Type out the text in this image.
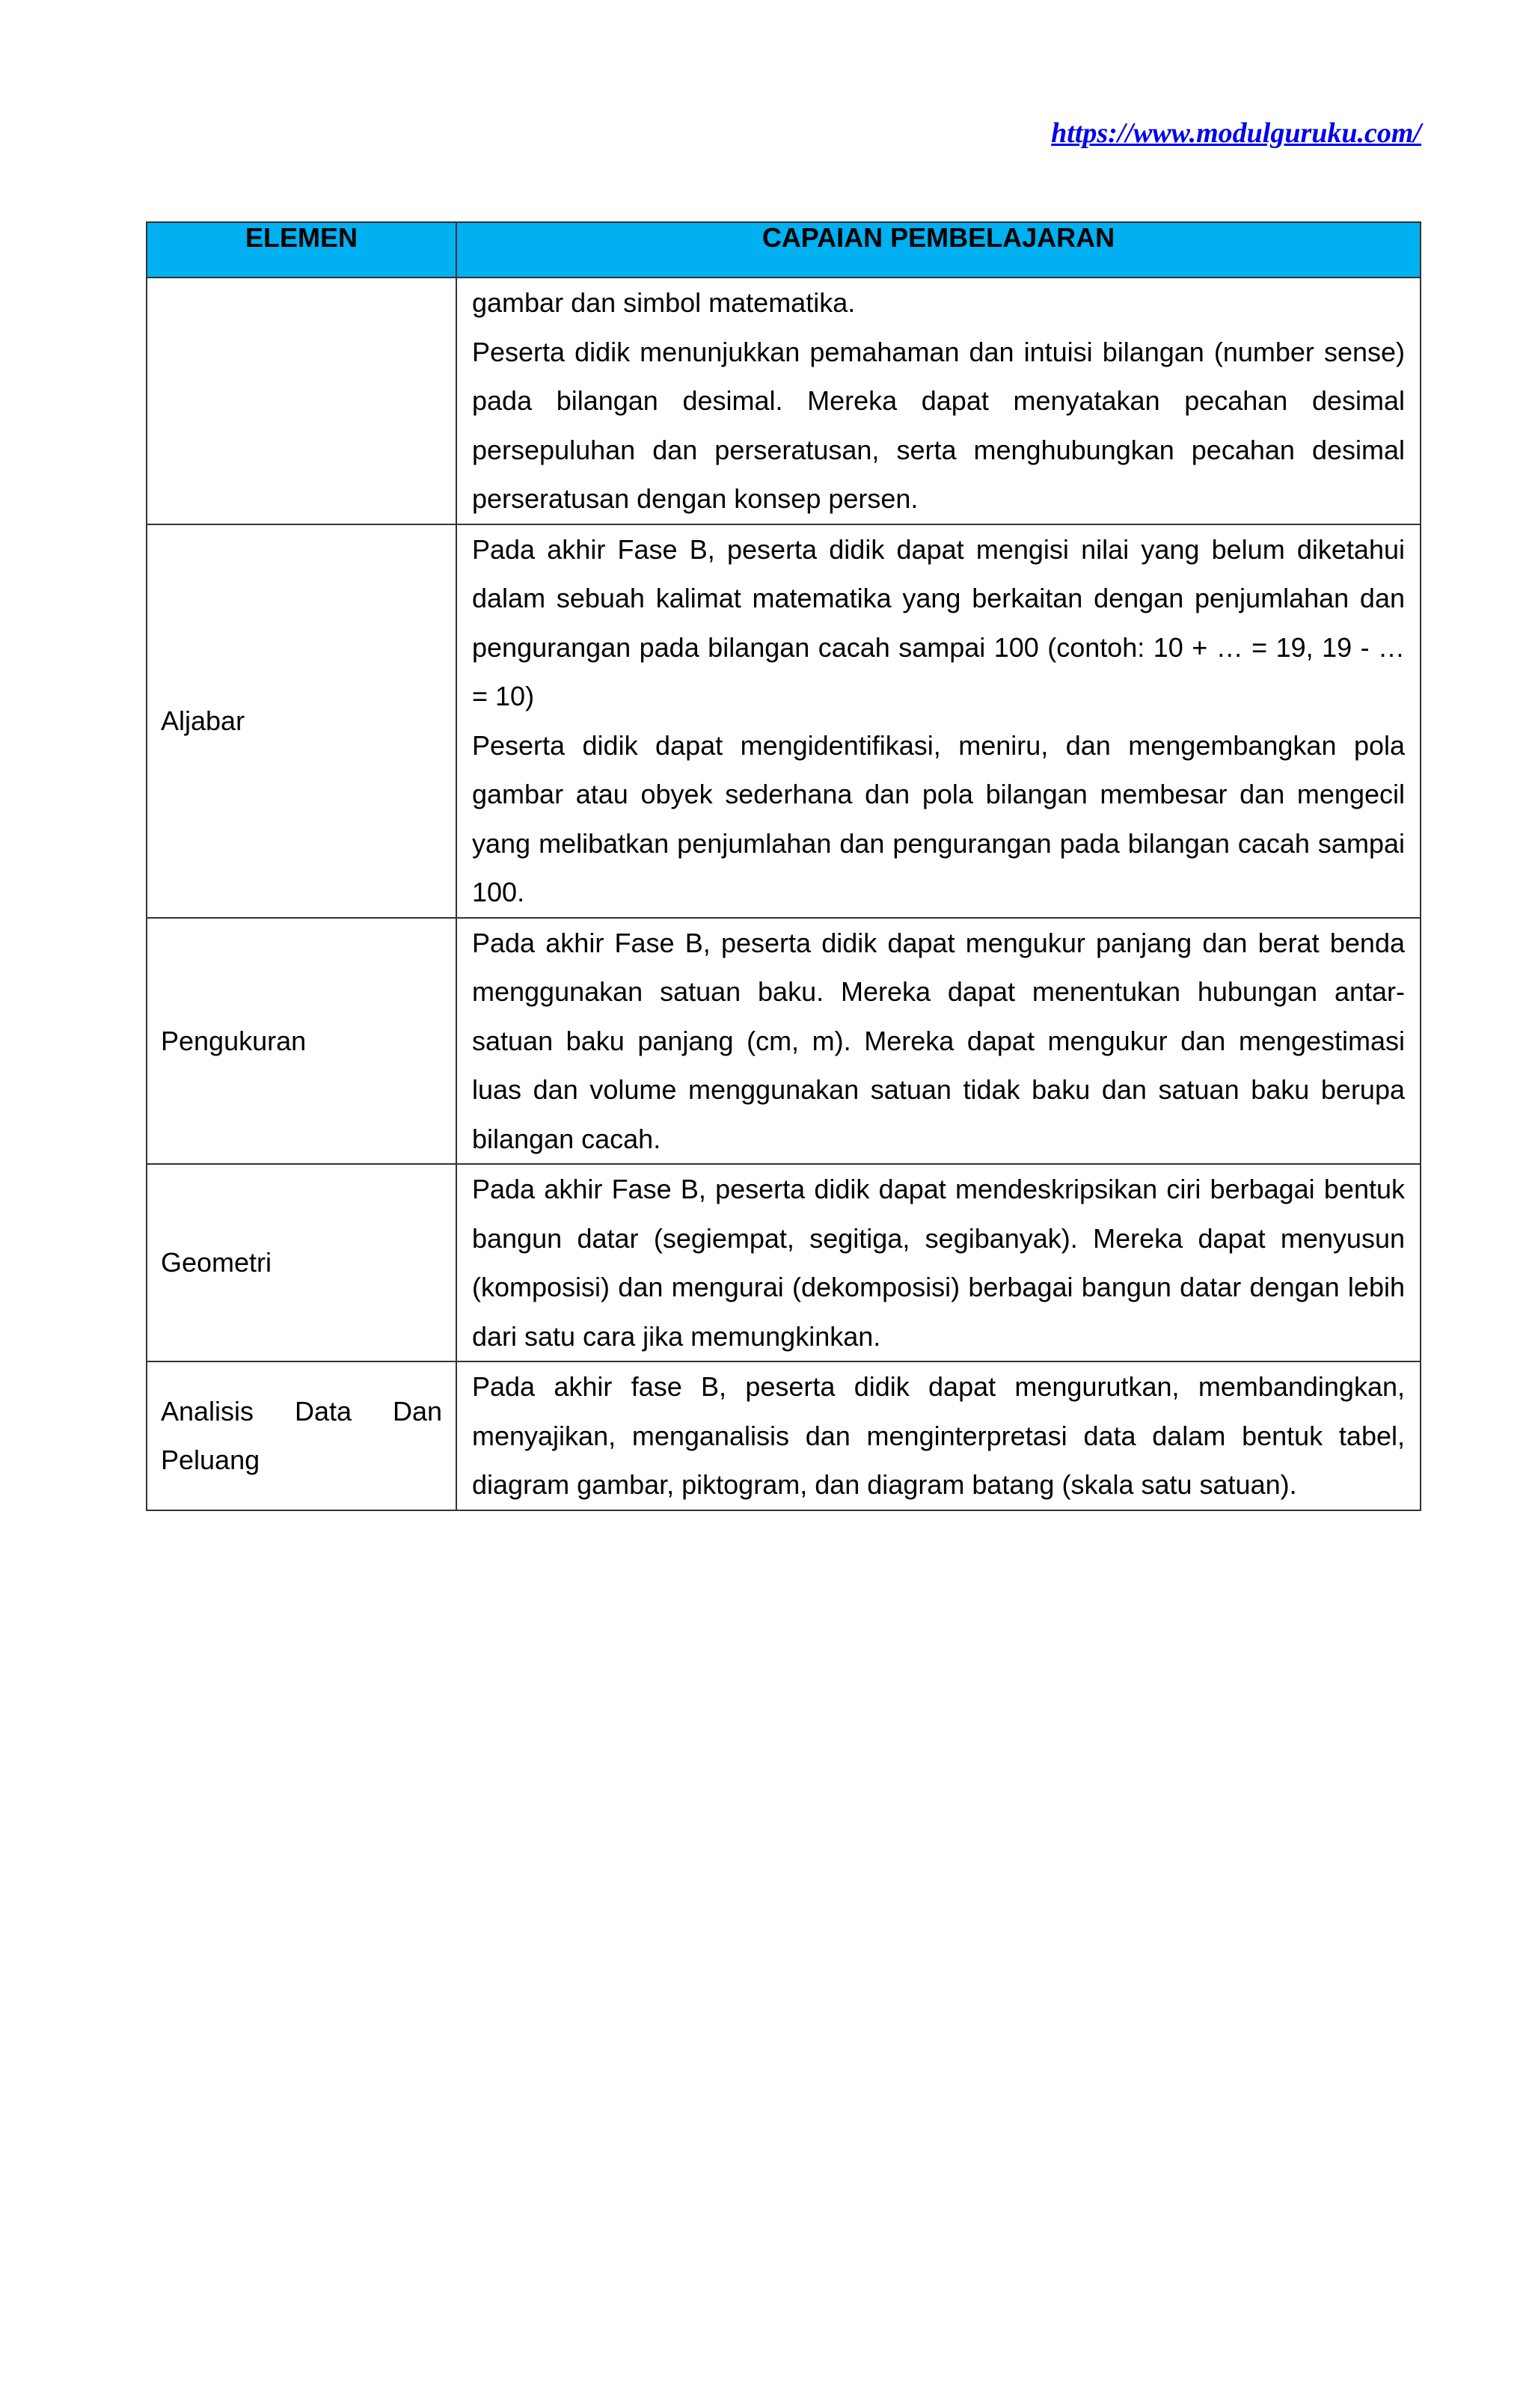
https://www.modulguruku.com/
ELEMEN	CAPAIAN PEMBELAJARAN

	gambar dan simbol matematika.

Peserta didik menunjukkan pemahaman dan intuisi bilangan (number sense) pada bilangan desimal. Mereka dapat menyatakan pecahan desimal persepuluhan dan perseratusan, serta menghubungkan pecahan desimal perseratusan dengan konsep persen.

Aljabar	Pada akhir Fase B, peserta didik dapat mengisi nilai yang belum diketahui dalam sebuah kalimat matematika yang berkaitan dengan penjumlahan dan pengurangan pada bilangan cacah sampai 100 (contoh: 10 + … = 19, 19 - … = 10)

Peserta didik dapat mengidentifikasi, meniru, dan mengembangkan pola gambar atau obyek sederhana dan pola bilangan membesar dan mengecil yang melibatkan penjumlahan dan pengurangan pada bilangan cacah sampai 100.

Pengukuran	Pada akhir Fase B, peserta didik dapat mengukur panjang dan berat benda menggunakan satuan baku. Mereka dapat menentukan hubungan antar-satuan baku panjang (cm, m). Mereka dapat mengukur dan mengestimasi luas dan volume menggunakan satuan tidak baku dan satuan baku berupa bilangan cacah.

Geometri	Pada akhir Fase B, peserta didik dapat mendeskripsikan ciri berbagai bentuk bangun datar (segiempat, segitiga, segibanyak). Mereka dapat menyusun (komposisi) dan mengurai (dekomposisi) berbagai bangun datar dengan lebih dari satu cara jika memungkinkan.

Analisis Data Dan Peluang	Pada akhir fase B, peserta didik dapat mengurutkan, membandingkan, menyajikan, menganalisis dan menginterpretasi data dalam bentuk tabel, diagram gambar, piktogram, dan diagram batang (skala satu satuan).
